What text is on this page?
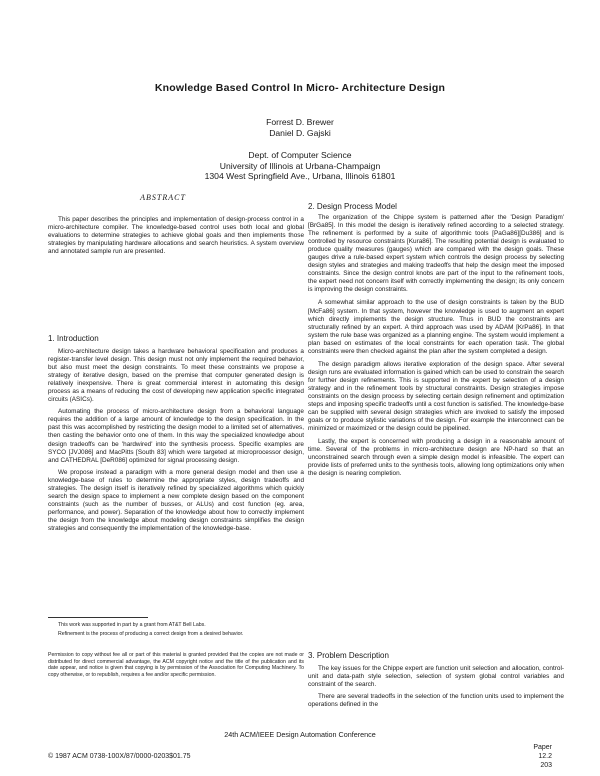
Knowledge Based Control In Micro- Architecture Design
Forrest D. Brewer
Daniel D. Gajski
Dept. of Computer Science
University of Illinois at Urbana-Champaign
1304 West Springfield Ave., Urbana, Illinois 61801
ABSTRACT

This paper describes the principles and implementation of design-process control in a micro-architecture compiler. The knowledge-based control uses both local and global evaluations to determine strategies to achieve global goals and then implements those strategies by manipulating hardware allocations and search heuristics. A system overview and annotated sample run are presented.

1. Introduction

Micro-architecture design takes a hardware behavioral specification and produces a register-transfer level design. This design must not only implement the required behavior, but also must meet the design constraints. To meet these constraints we propose a strategy of iterative design, based on the premise that computer generated design is relatively inexpensive. There is great commercial interest in automating this design process as a means of reducing the cost of developing new application specific integrated circuits (ASICs).

Automating the process of micro-architecture design from a behavioral language requires the addition of a large amount of knowledge to the design specification. In the past this was accomplished by restricting the design model to a limited set of alternatives, then casting the behavior onto one of them. In this way the specialized knowledge about design tradeoffs can be 'hardwired' into the synthesis process. Specific examples are SYCO [JVJ086] and MacPitts [South 83] which were targeted at microprocessor design, and CATHEDRAL [DeR086] optimized for signal processing design.

We propose instead a paradigm with a more general design model and then use a knowledge-base of rules to determine the appropriate styles, design tradeoffs and strategies. The design itself is iteratively refined by specialized algorithms which quickly search the design space to implement a new complete design based on the component constraints (such as the number of busses, or ALUs) and cost function (eg. area, performance, and power). Separation of the knowledge about how to correctly implement the design from the knowledge about modeling design constraints simplifies the design strategies and consequently the implementation of the knowledge-base.

This work was supported in part by a grant from AT&T Bell Labs.

Refinement is the process of producing a correct design from a desired behavior.

Permission to copy without fee all or part of this material is granted provided that the copies are not made or distributed for direct commercial advantage, the ACM copyright notice and the title of the publication and its date appear, and notice is given that copying is by permission of the Association for Computing Machinery. To copy otherwise, or to republish, requires a fee and/or specific permission.
2. Design Process Model

The organization of the Chippe system is patterned after the 'Design Paradigm' [BrGa85]. In this model the design is iteratively refined according to a selected strategy. The refinement is performed by a suite of algorithmic tools [PaGa86][Du386] and is controlled by resource constraints [Kura86]. The resulting potential design is evaluated to produce quality measures (gauges) which are compared with the design goals. These gauges drive a rule-based expert system which controls the design process by selecting design styles and strategies and making tradeoffs that help the design meet the imposed constraints. Since the design control knobs are part of the input to the refinement tools, the expert need not concern itself with correctly implementing the design; its only concern is improving the design constraints.

A somewhat similar approach to the use of design constraints is taken by the BUD [McFa86] system. In that system, however the knowledge is used to augment an expert which directly implements the design structure. Thus in BUD the constraints are structurally refined by an expert. A third approach was used by ADAM [KrPa86]. In that system the rule base was organized as a planning engine. The system would implement a plan based on estimates of the local constraints for each operation task. The global constraints were then checked against the plan after the system completed a design.

The design paradigm allows iterative exploration of the design space. After several design runs are evaluated information is gained which can be used to constrain the search for further design refinements. This is supported in the expert by selection of a design strategy and in the refinement tools by structural constraints. Design strategies impose constraints on the design process by selecting certain design refinement and optimization steps and imposing specific tradeoffs until a cost function is satisfied. The knowledge-base can be supplied with several design strategies which are invoked to satisfy the imposed goals or to produce stylistic variations of the design. For example the interconnect can be minimized or maximized or the design could be pipelined.

Lastly, the expert is concerned with producing a design in a reasonable amount of time. Several of the problems in micro-architecture design are NP-hard so that an unconstrained search through even a simple design model is infeasible. The expert can provide lists of preferred units to the synthesis tools, allowing long optimizations only when the design is nearing completion.

3. Problem Description

The key issues for the Chippe expert are function unit selection and allocation, control-unit and data-path style selection, selection of system global control variables and constraint of the search.

There are several tradeoffs in the selection of the function units used to implement the operations defined in the

24th ACM/IEEE Design Automation Conference
Paper 12.2
203
© 1987 ACM 0738-100X/87/0000-0203$01.75
